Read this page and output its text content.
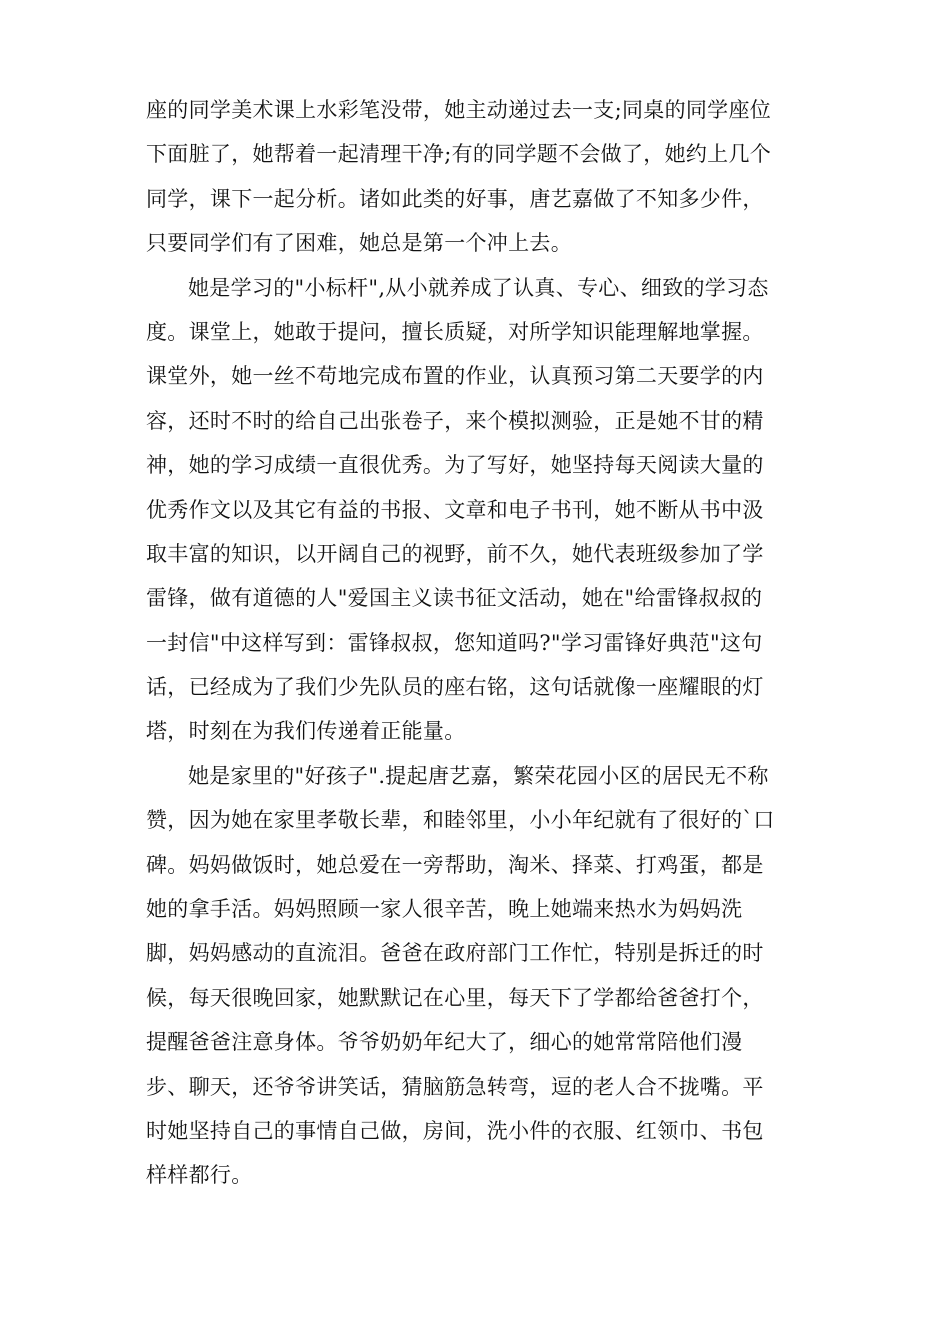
座的同学美术课上水彩笔没带，她主动递过去一支;同桌的同学座位
下面脏了，她帮着一起清理干净;有的同学题不会做了，她约上几个
同学，课下一起分析。诸如此类的好事，唐艺嘉做了不知多少件，
只要同学们有了困难，她总是第一个冲上去。
她是学习的"小标杆",从小就养成了认真、专心、细致的学习态
度。课堂上，她敢于提问，擅长质疑，对所学知识能理解地掌握。
课堂外，她一丝不苟地完成布置的作业，认真预习第二天要学的内
容，还时不时的给自己出张卷子，来个模拟测验，正是她不甘的精
神，她的学习成绩一直很优秀。为了写好，她坚持每天阅读大量的
优秀作文以及其它有益的书报、文章和电子书刊，她不断从书中汲
取丰富的知识，以开阔自己的视野，前不久，她代表班级参加了学
雷锋，做有道德的人"爱国主义读书征文活动，她在"给雷锋叔叔的
一封信"中这样写到：雷锋叔叔，您知道吗?"学习雷锋好典范"这句
话，已经成为了我们少先队员的座右铭，这句话就像一座耀眼的灯
塔，时刻在为我们传递着正能量。
她是家里的"好孩子".提起唐艺嘉，繁荣花园小区的居民无不称
赞，因为她在家里孝敬长辈，和睦邻里，小小年纪就有了很好的`口
碑。妈妈做饭时，她总爱在一旁帮助，淘米、择菜、打鸡蛋，都是
她的拿手活。妈妈照顾一家人很辛苦，晚上她端来热水为妈妈洗
脚，妈妈感动的直流泪。爸爸在政府部门工作忙，特别是拆迁的时
候，每天很晚回家，她默默记在心里，每天下了学都给爸爸打个，
提醒爸爸注意身体。爷爷奶奶年纪大了，细心的她常常陪他们漫
步、聊天，还爷爷讲笑话，猜脑筋急转弯，逗的老人合不拢嘴。平
时她坚持自己的事情自己做，房间，洗小件的衣服、红领巾、书包
样样都行。
